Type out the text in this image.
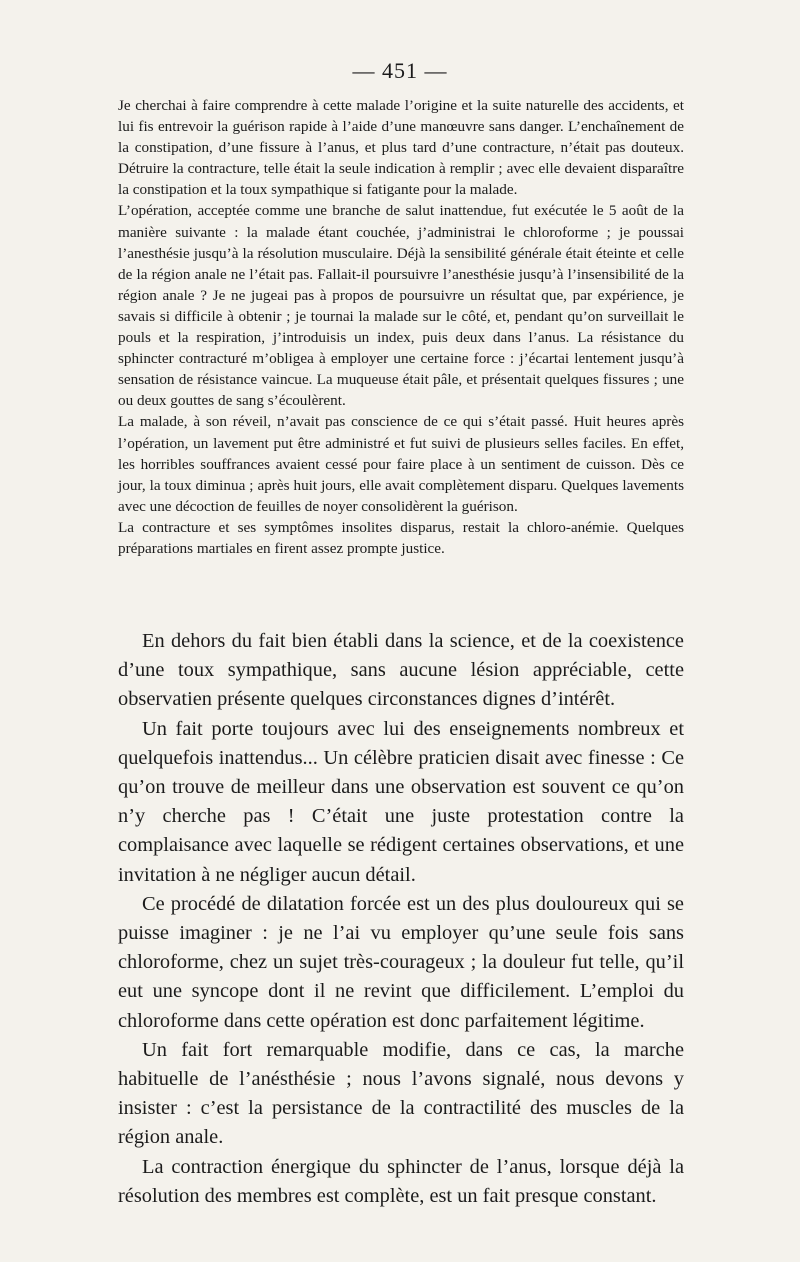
— 451 —

Je cherchai à faire comprendre à cette malade l’origine et la suite naturelle des accidents, et lui fis entrevoir la guérison rapide à l’aide d’une manœuvre sans danger. L’enchaînement de la constipation, d’une fissure à l’anus, et plus tard d’une contracture, n’était pas douteux. Détruire la contracture, telle était la seule indication à remplir ; avec elle devaient disparaître la constipation et la toux sympathique si fatigante pour la malade.

L’opération, acceptée comme une branche de salut inattendue, fut exécutée le 5 août de la manière suivante : la malade étant couchée, j’administrai le chloroforme ; je poussai l’anesthésie jusqu’à la résolution musculaire. Déjà la sensibilité générale était éteinte et celle de la région anale ne l’était pas. Fallait-il poursuivre l’anesthésie jusqu’à l’insensibilité de la région anale ? Je ne jugeai pas à propos de poursuivre un résultat que, par expérience, je savais si difficile à obtenir ; je tournai la malade sur le côté, et, pendant qu’on surveillait le pouls et la respiration, j’introduisis un index, puis deux dans l’anus. La résistance du sphincter contracturé m’obligea à employer une certaine force : j’écartai lentement jusqu’à sensation de résistance vaincue. La muqueuse était pâle, et présentait quelques fissures ; une ou deux gouttes de sang s’écoulèrent.

La malade, à son réveil, n’avait pas conscience de ce qui s’était passé. Huit heures après l’opération, un lavement put être administré et fut suivi de plusieurs selles faciles. En effet, les horribles souffrances avaient cessé pour faire place à un sentiment de cuisson. Dès ce jour, la toux diminua ; après huit jours, elle avait complètement disparu. Quelques lavements avec une décoction de feuilles de noyer consolidèrent la guérison.

La contracture et ses symptômes insolites disparus, restait la chloro-anémie. Quelques préparations martiales en firent assez prompte justice.

En dehors du fait bien établi dans la science, et de la coexistence d’une toux sympathique, sans aucune lésion appréciable, cette observatien présente quelques circonstances dignes d’intérêt.

Un fait porte toujours avec lui des enseignements nombreux et quelquefois inattendus... Un célèbre praticien disait avec finesse : Ce qu’on trouve de meilleur dans une observation est souvent ce qu’on n’y cherche pas ! C’était une juste protestation contre la complaisance avec laquelle se rédigent certaines observations, et une invitation à ne négliger aucun détail.

Ce procédé de dilatation forcée est un des plus douloureux qui se puisse imaginer : je ne l’ai vu employer qu’une seule fois sans chloroforme, chez un sujet très-courageux ; la douleur fut telle, qu’il eut une syncope dont il ne revint que difficilement. L’emploi du chloroforme dans cette opération est donc parfaitement légitime.

Un fait fort remarquable modifie, dans ce cas, la marche habituelle de l’anésthésie ; nous l’avons signalé, nous devons y insister : c’est la persistance de la contractilité des muscles de la région anale.

La contraction énergique du sphincter de l’anus, lorsque déjà la résolution des membres est complète, est un fait presque constant.
